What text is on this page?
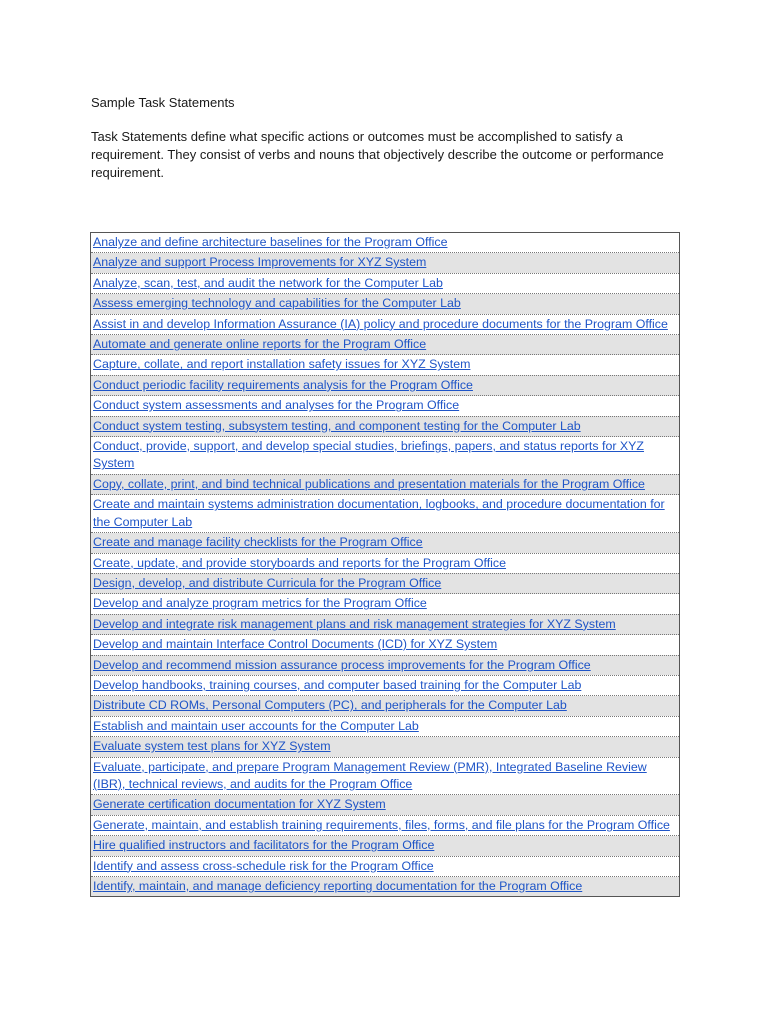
Sample Task Statements

Task Statements define what specific actions or outcomes must be accomplished to satisfy a requirement. They consist of verbs and nouns that objectively describe the outcome or performance requirement.

Analyze and define architecture baselines for the Program Office
Analyze and support Process Improvements for XYZ System
Analyze, scan, test, and audit the network for the Computer Lab
Assess emerging technology and capabilities for the Computer Lab
Assist in and develop Information Assurance (IA) policy and procedure documents for the Program Office
Automate and generate online reports for the Program Office
Capture, collate, and report installation safety issues for XYZ System
Conduct periodic facility requirements analysis for the Program Office
Conduct system assessments and analyses for the Program Office
Conduct system testing, subsystem testing, and component testing for the Computer Lab
Conduct, provide, support, and develop special studies, briefings, papers, and status reports for XYZ System
Copy, collate, print, and bind technical publications and presentation materials for the Program Office
Create and maintain systems administration documentation, logbooks, and procedure documentation for the Computer Lab
Create and manage facility checklists for the Program Office
Create, update, and provide storyboards and reports for the Program Office
Design, develop, and distribute Curricula for the Program Office
Develop and analyze program metrics for the Program Office
Develop and integrate risk management plans and risk management strategies for XYZ System
Develop and maintain Interface Control Documents (ICD) for XYZ System
Develop and recommend mission assurance process improvements for the Program Office
Develop handbooks, training courses, and computer based training for the Computer Lab
Distribute CD ROMs, Personal Computers (PC), and peripherals for the Computer Lab
Establish and maintain user accounts for the Computer Lab
Evaluate system test plans for XYZ System
Evaluate, participate, and prepare Program Management Review (PMR), Integrated Baseline Review (IBR), technical reviews, and audits for the Program Office
Generate certification documentation for XYZ System
Generate, maintain, and establish training requirements, files, forms, and file plans for the Program Office
Hire qualified instructors and facilitators for the Program Office
Identify and assess cross-schedule risk for the Program Office
Identify, maintain, and manage deficiency reporting documentation for the Program Office
